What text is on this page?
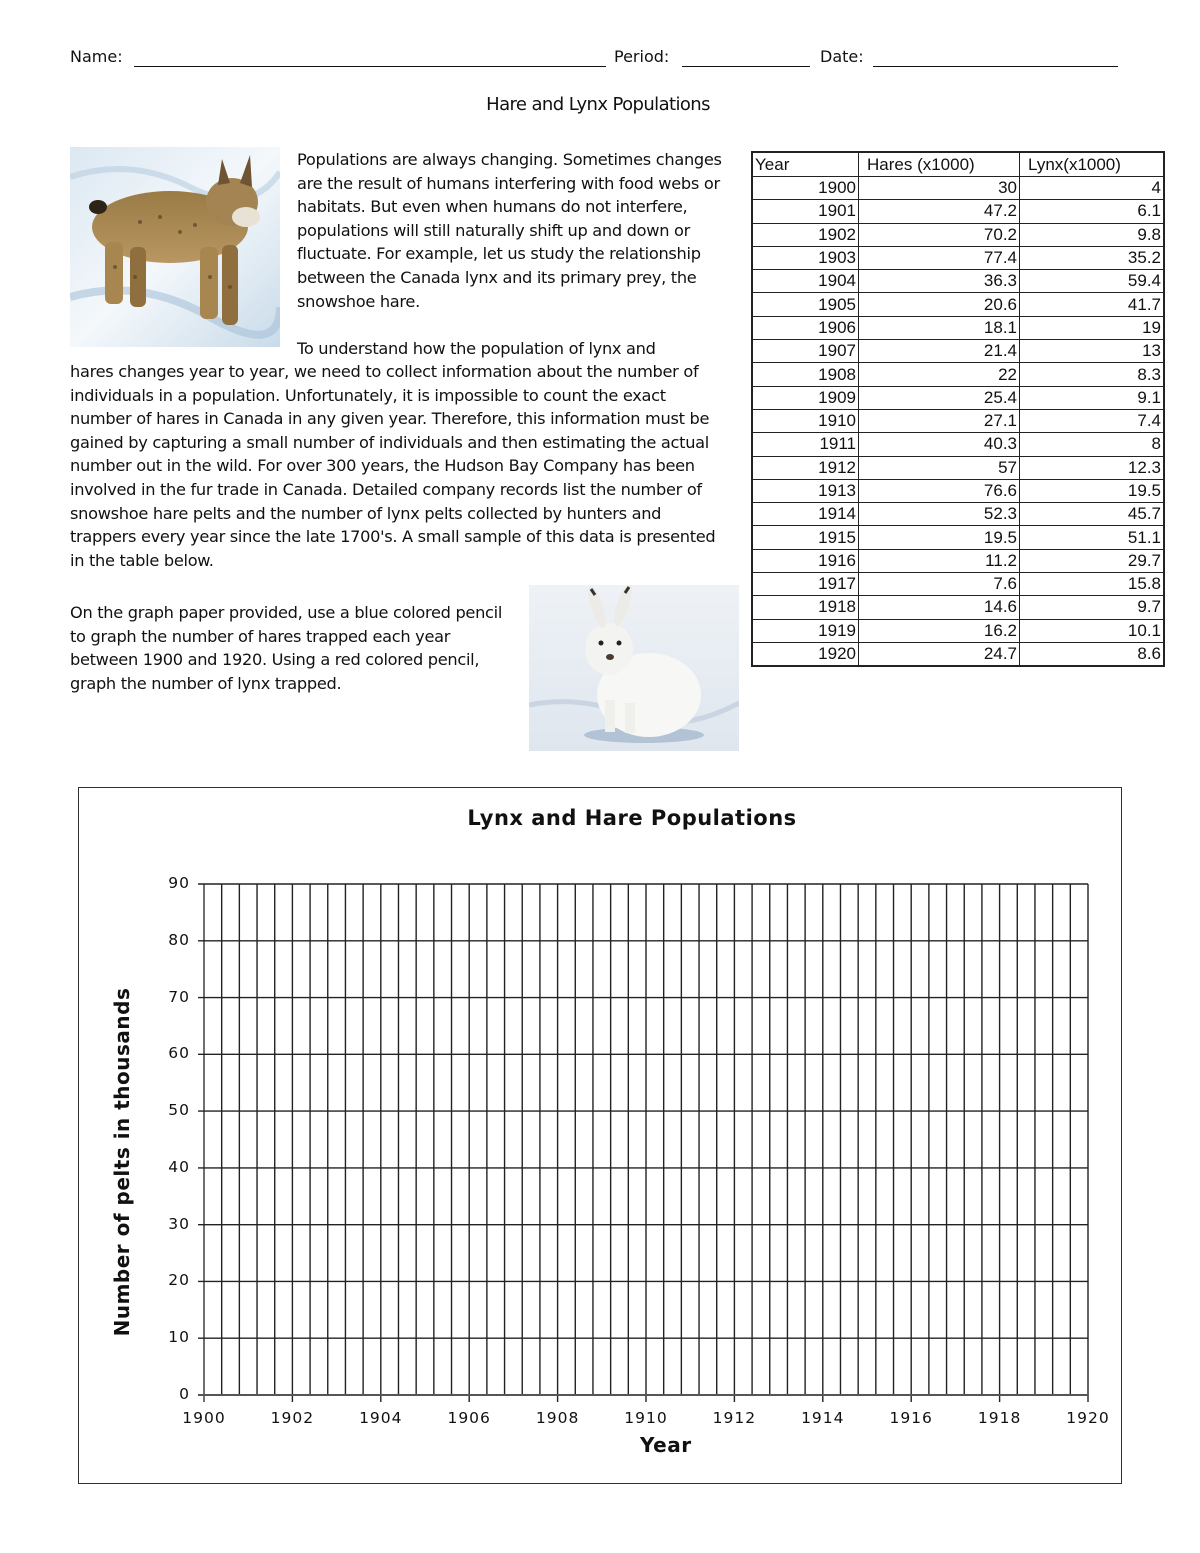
Name:	Period:	Date:
Hare and Lynx Populations
Populations are always changing. Sometimes changes are the result of humans interfering with food webs or habitats. But even when humans do not interfere, populations will still naturally shift up and down or fluctuate. For example, let us study the relationship between the Canada lynx and its primary prey, the snowshoe hare.
To understand how the population of lynx and
hares changes year to year, we need to collect information about the number of individuals in a population. Unfortunately, it is impossible to count the exact number of hares in Canada in any given year. Therefore, this information must be gained by capturing a small number of individuals and then estimating the actual number out in the wild. For over 300 years, the Hudson Bay Company has been involved in the fur trade in Canada. Detailed company records list the number of snowshoe hare pelts and the number of lynx pelts collected by hunters and trappers every year since the late 1700's. A small sample of this data is presented in the table below.
On the graph paper provided, use a blue colored pencil to graph the number of hares trapped each year between 1900 and 1920. Using a red colored pencil, graph the number of lynx trapped.
Year	Hares (x1000)	Lynx(x1000)
1900	30	4
1901	47.2	6.1
1902	70.2	9.8
1903	77.4	35.2
1904	36.3	59.4
1905	20.6	41.7
1906	18.1	19
1907	21.4	13
1908	22	8.3
1909	25.4	9.1
1910	27.1	7.4
1911	40.3	8
1912	57	12.3
1913	76.6	19.5
1914	52.3	45.7
1915	19.5	51.1
1916	11.2	29.7
1917	7.6	15.8
1918	14.6	9.7
1919	16.2	10.1
1920	24.7	8.6
Lynx and Hare Populations
0
10
20
30
40
50
60
70
80
90
1900	1902	1904	1906	1908	1910	1912	1914	1916	1918	1920
Year
Number of pelts in thousands
